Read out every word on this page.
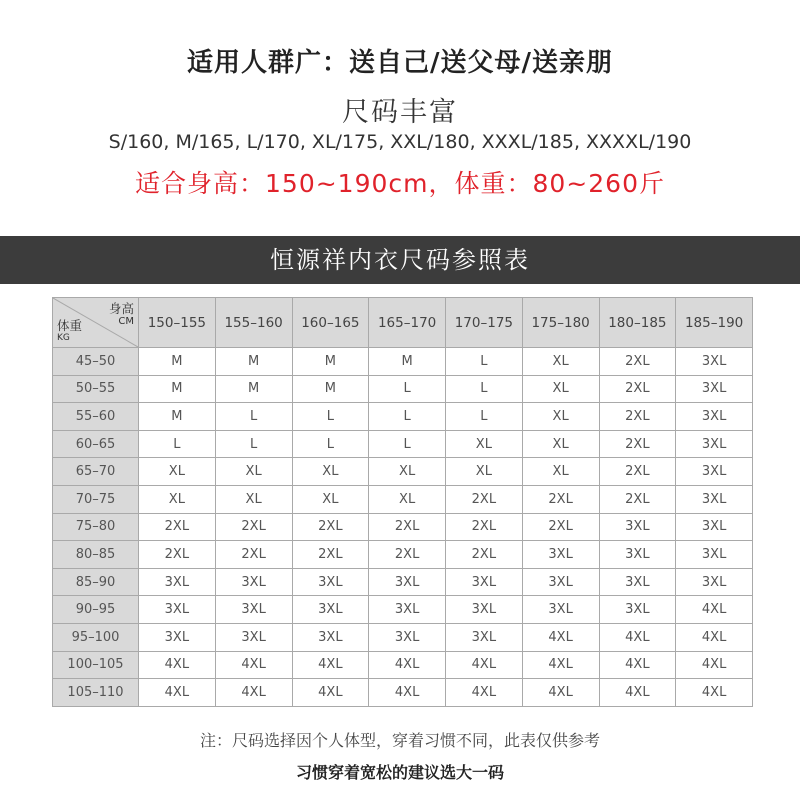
适用人群广：送自己/送父母/送亲朋
尺码丰富
S/160, M/165, L/170, XL/175, XXL/180, XXXL/185, XXXXL/190
适合身高：150~190cm，体重：80~260斤
恒源祥内衣尺码参照表
身高
CM
体重
KG	150–155	155–160	160–165	165–170	170–175	175–180	180–185	185–190
45–50	M	M	M	M	L	XL	2XL	3XL
50–55	M	M	M	L	L	XL	2XL	3XL
55–60	M	L	L	L	L	XL	2XL	3XL
60–65	L	L	L	L	XL	XL	2XL	3XL
65–70	XL	XL	XL	XL	XL	XL	2XL	3XL
70–75	XL	XL	XL	XL	2XL	2XL	2XL	3XL
75–80	2XL	2XL	2XL	2XL	2XL	2XL	3XL	3XL
80–85	2XL	2XL	2XL	2XL	2XL	3XL	3XL	3XL
85–90	3XL	3XL	3XL	3XL	3XL	3XL	3XL	3XL
90–95	3XL	3XL	3XL	3XL	3XL	3XL	3XL	4XL
95–100	3XL	3XL	3XL	3XL	3XL	4XL	4XL	4XL
100–105	4XL	4XL	4XL	4XL	4XL	4XL	4XL	4XL
105–110	4XL	4XL	4XL	4XL	4XL	4XL	4XL	4XL
注：尺码选择因个人体型，穿着习惯不同，此表仅供参考
习惯穿着宽松的建议选大一码
